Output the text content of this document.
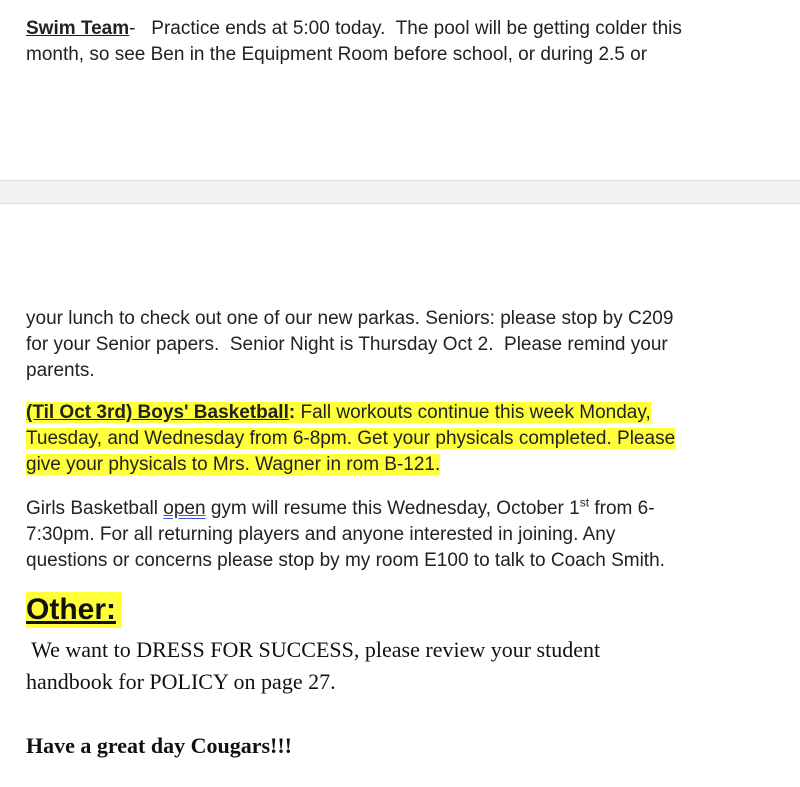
Swim Team-   Practice ends at 5:00 today.  The pool will be getting colder this
month, so see Ben in the Equipment Room before school, or during 2.5 or

your lunch to check out one of our new parkas. Seniors: please stop by C209
for your Senior papers.  Senior Night is Thursday Oct 2.  Please remind your
parents.

(Til Oct 3rd) Boys' Basketball: Fall workouts continue this week Monday,
Tuesday, and Wednesday from 6-8pm. Get your physicals completed. Please
give your physicals to Mrs. Wagner in rom B-121.

Girls Basketball open gym will resume this Wednesday, October 1st from 6-
7:30pm. For all returning players and anyone interested in joining. Any
questions or concerns please stop by my room E100 to talk to Coach Smith.

Other:

We want to DRESS FOR SUCCESS, please review your student
handbook for POLICY on page 27.

Have a great day Cougars!!!
